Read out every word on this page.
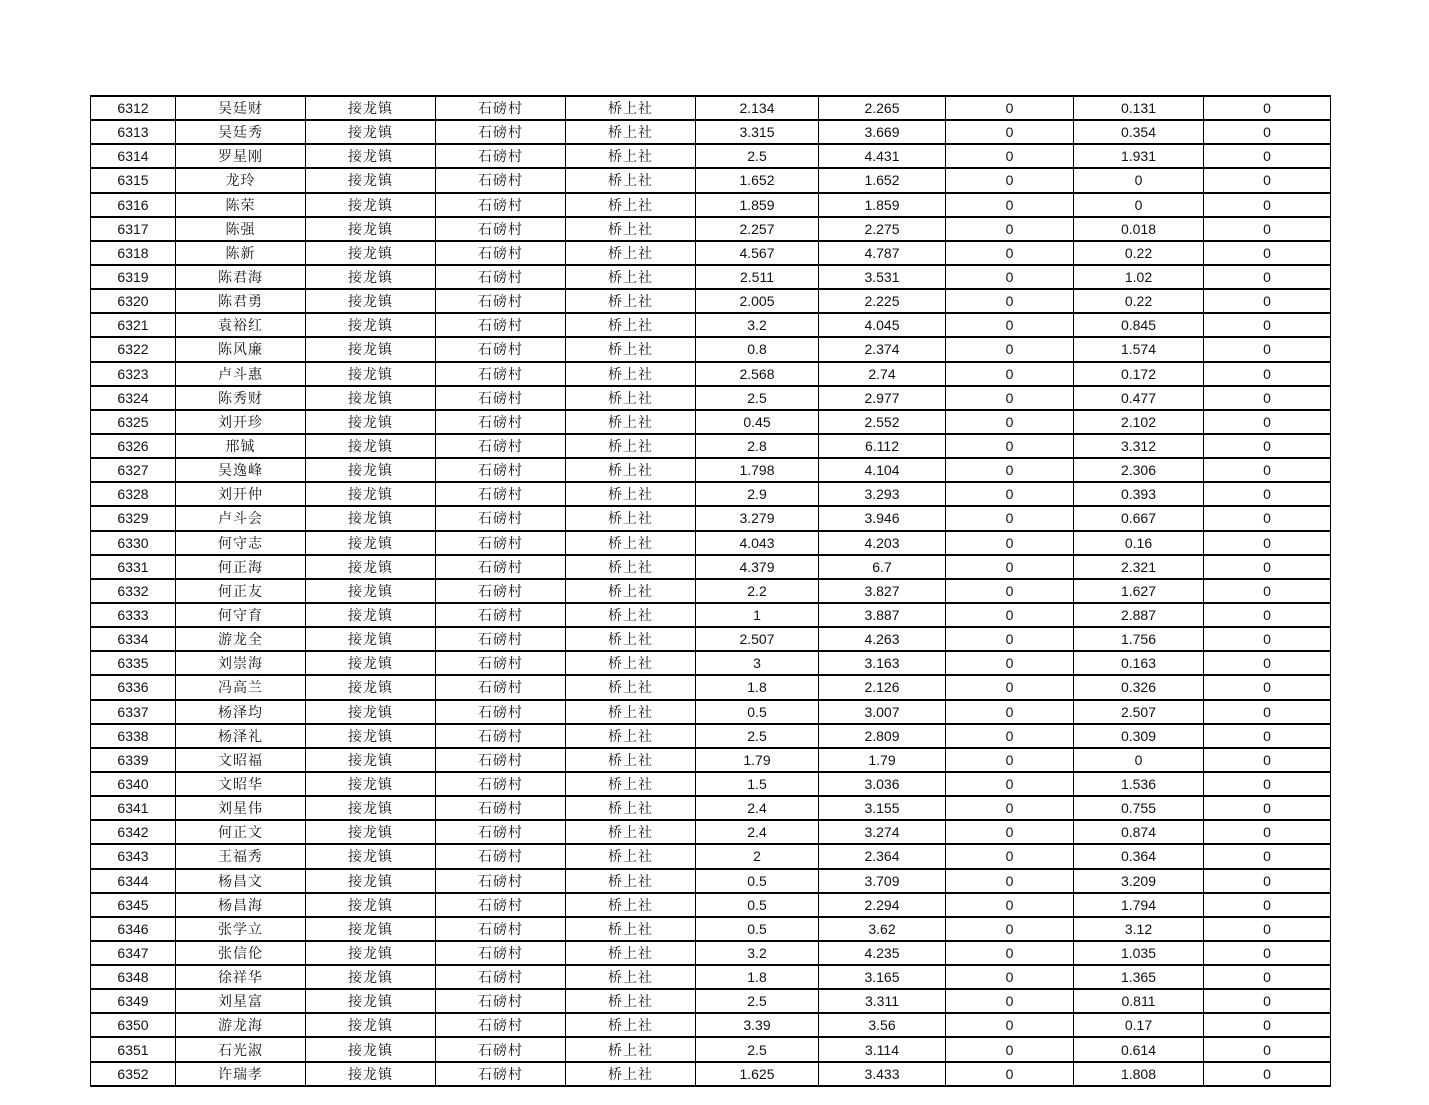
6312	吴廷财	接龙镇	石磅村	桥上社	2.134	2.265	0	0.131	0
6313	吴廷秀	接龙镇	石磅村	桥上社	3.315	3.669	0	0.354	0
6314	罗星刚	接龙镇	石磅村	桥上社	2.5	4.431	0	1.931	0
6315	龙玲	接龙镇	石磅村	桥上社	1.652	1.652	0	0	0
6316	陈荣	接龙镇	石磅村	桥上社	1.859	1.859	0	0	0
6317	陈强	接龙镇	石磅村	桥上社	2.257	2.275	0	0.018	0
6318	陈新	接龙镇	石磅村	桥上社	4.567	4.787	0	0.22	0
6319	陈君海	接龙镇	石磅村	桥上社	2.511	3.531	0	1.02	0
6320	陈君勇	接龙镇	石磅村	桥上社	2.005	2.225	0	0.22	0
6321	袁裕红	接龙镇	石磅村	桥上社	3.2	4.045	0	0.845	0
6322	陈风廉	接龙镇	石磅村	桥上社	0.8	2.374	0	1.574	0
6323	卢斗惠	接龙镇	石磅村	桥上社	2.568	2.74	0	0.172	0
6324	陈秀财	接龙镇	石磅村	桥上社	2.5	2.977	0	0.477	0
6325	刘开珍	接龙镇	石磅村	桥上社	0.45	2.552	0	2.102	0
6326	邢铖	接龙镇	石磅村	桥上社	2.8	6.112	0	3.312	0
6327	吴逸峰	接龙镇	石磅村	桥上社	1.798	4.104	0	2.306	0
6328	刘开仲	接龙镇	石磅村	桥上社	2.9	3.293	0	0.393	0
6329	卢斗会	接龙镇	石磅村	桥上社	3.279	3.946	0	0.667	0
6330	何守志	接龙镇	石磅村	桥上社	4.043	4.203	0	0.16	0
6331	何正海	接龙镇	石磅村	桥上社	4.379	6.7	0	2.321	0
6332	何正友	接龙镇	石磅村	桥上社	2.2	3.827	0	1.627	0
6333	何守育	接龙镇	石磅村	桥上社	1	3.887	0	2.887	0
6334	游龙全	接龙镇	石磅村	桥上社	2.507	4.263	0	1.756	0
6335	刘崇海	接龙镇	石磅村	桥上社	3	3.163	0	0.163	0
6336	冯高兰	接龙镇	石磅村	桥上社	1.8	2.126	0	0.326	0
6337	杨泽均	接龙镇	石磅村	桥上社	0.5	3.007	0	2.507	0
6338	杨泽礼	接龙镇	石磅村	桥上社	2.5	2.809	0	0.309	0
6339	文昭福	接龙镇	石磅村	桥上社	1.79	1.79	0	0	0
6340	文昭华	接龙镇	石磅村	桥上社	1.5	3.036	0	1.536	0
6341	刘星伟	接龙镇	石磅村	桥上社	2.4	3.155	0	0.755	0
6342	何正文	接龙镇	石磅村	桥上社	2.4	3.274	0	0.874	0
6343	王福秀	接龙镇	石磅村	桥上社	2	2.364	0	0.364	0
6344	杨昌文	接龙镇	石磅村	桥上社	0.5	3.709	0	3.209	0
6345	杨昌海	接龙镇	石磅村	桥上社	0.5	2.294	0	1.794	0
6346	张学立	接龙镇	石磅村	桥上社	0.5	3.62	0	3.12	0
6347	张信伦	接龙镇	石磅村	桥上社	3.2	4.235	0	1.035	0
6348	徐祥华	接龙镇	石磅村	桥上社	1.8	3.165	0	1.365	0
6349	刘星富	接龙镇	石磅村	桥上社	2.5	3.311	0	0.811	0
6350	游龙海	接龙镇	石磅村	桥上社	3.39	3.56	0	0.17	0
6351	石光淑	接龙镇	石磅村	桥上社	2.5	3.114	0	0.614	0
6352	许瑞孝	接龙镇	石磅村	桥上社	1.625	3.433	0	1.808	0
